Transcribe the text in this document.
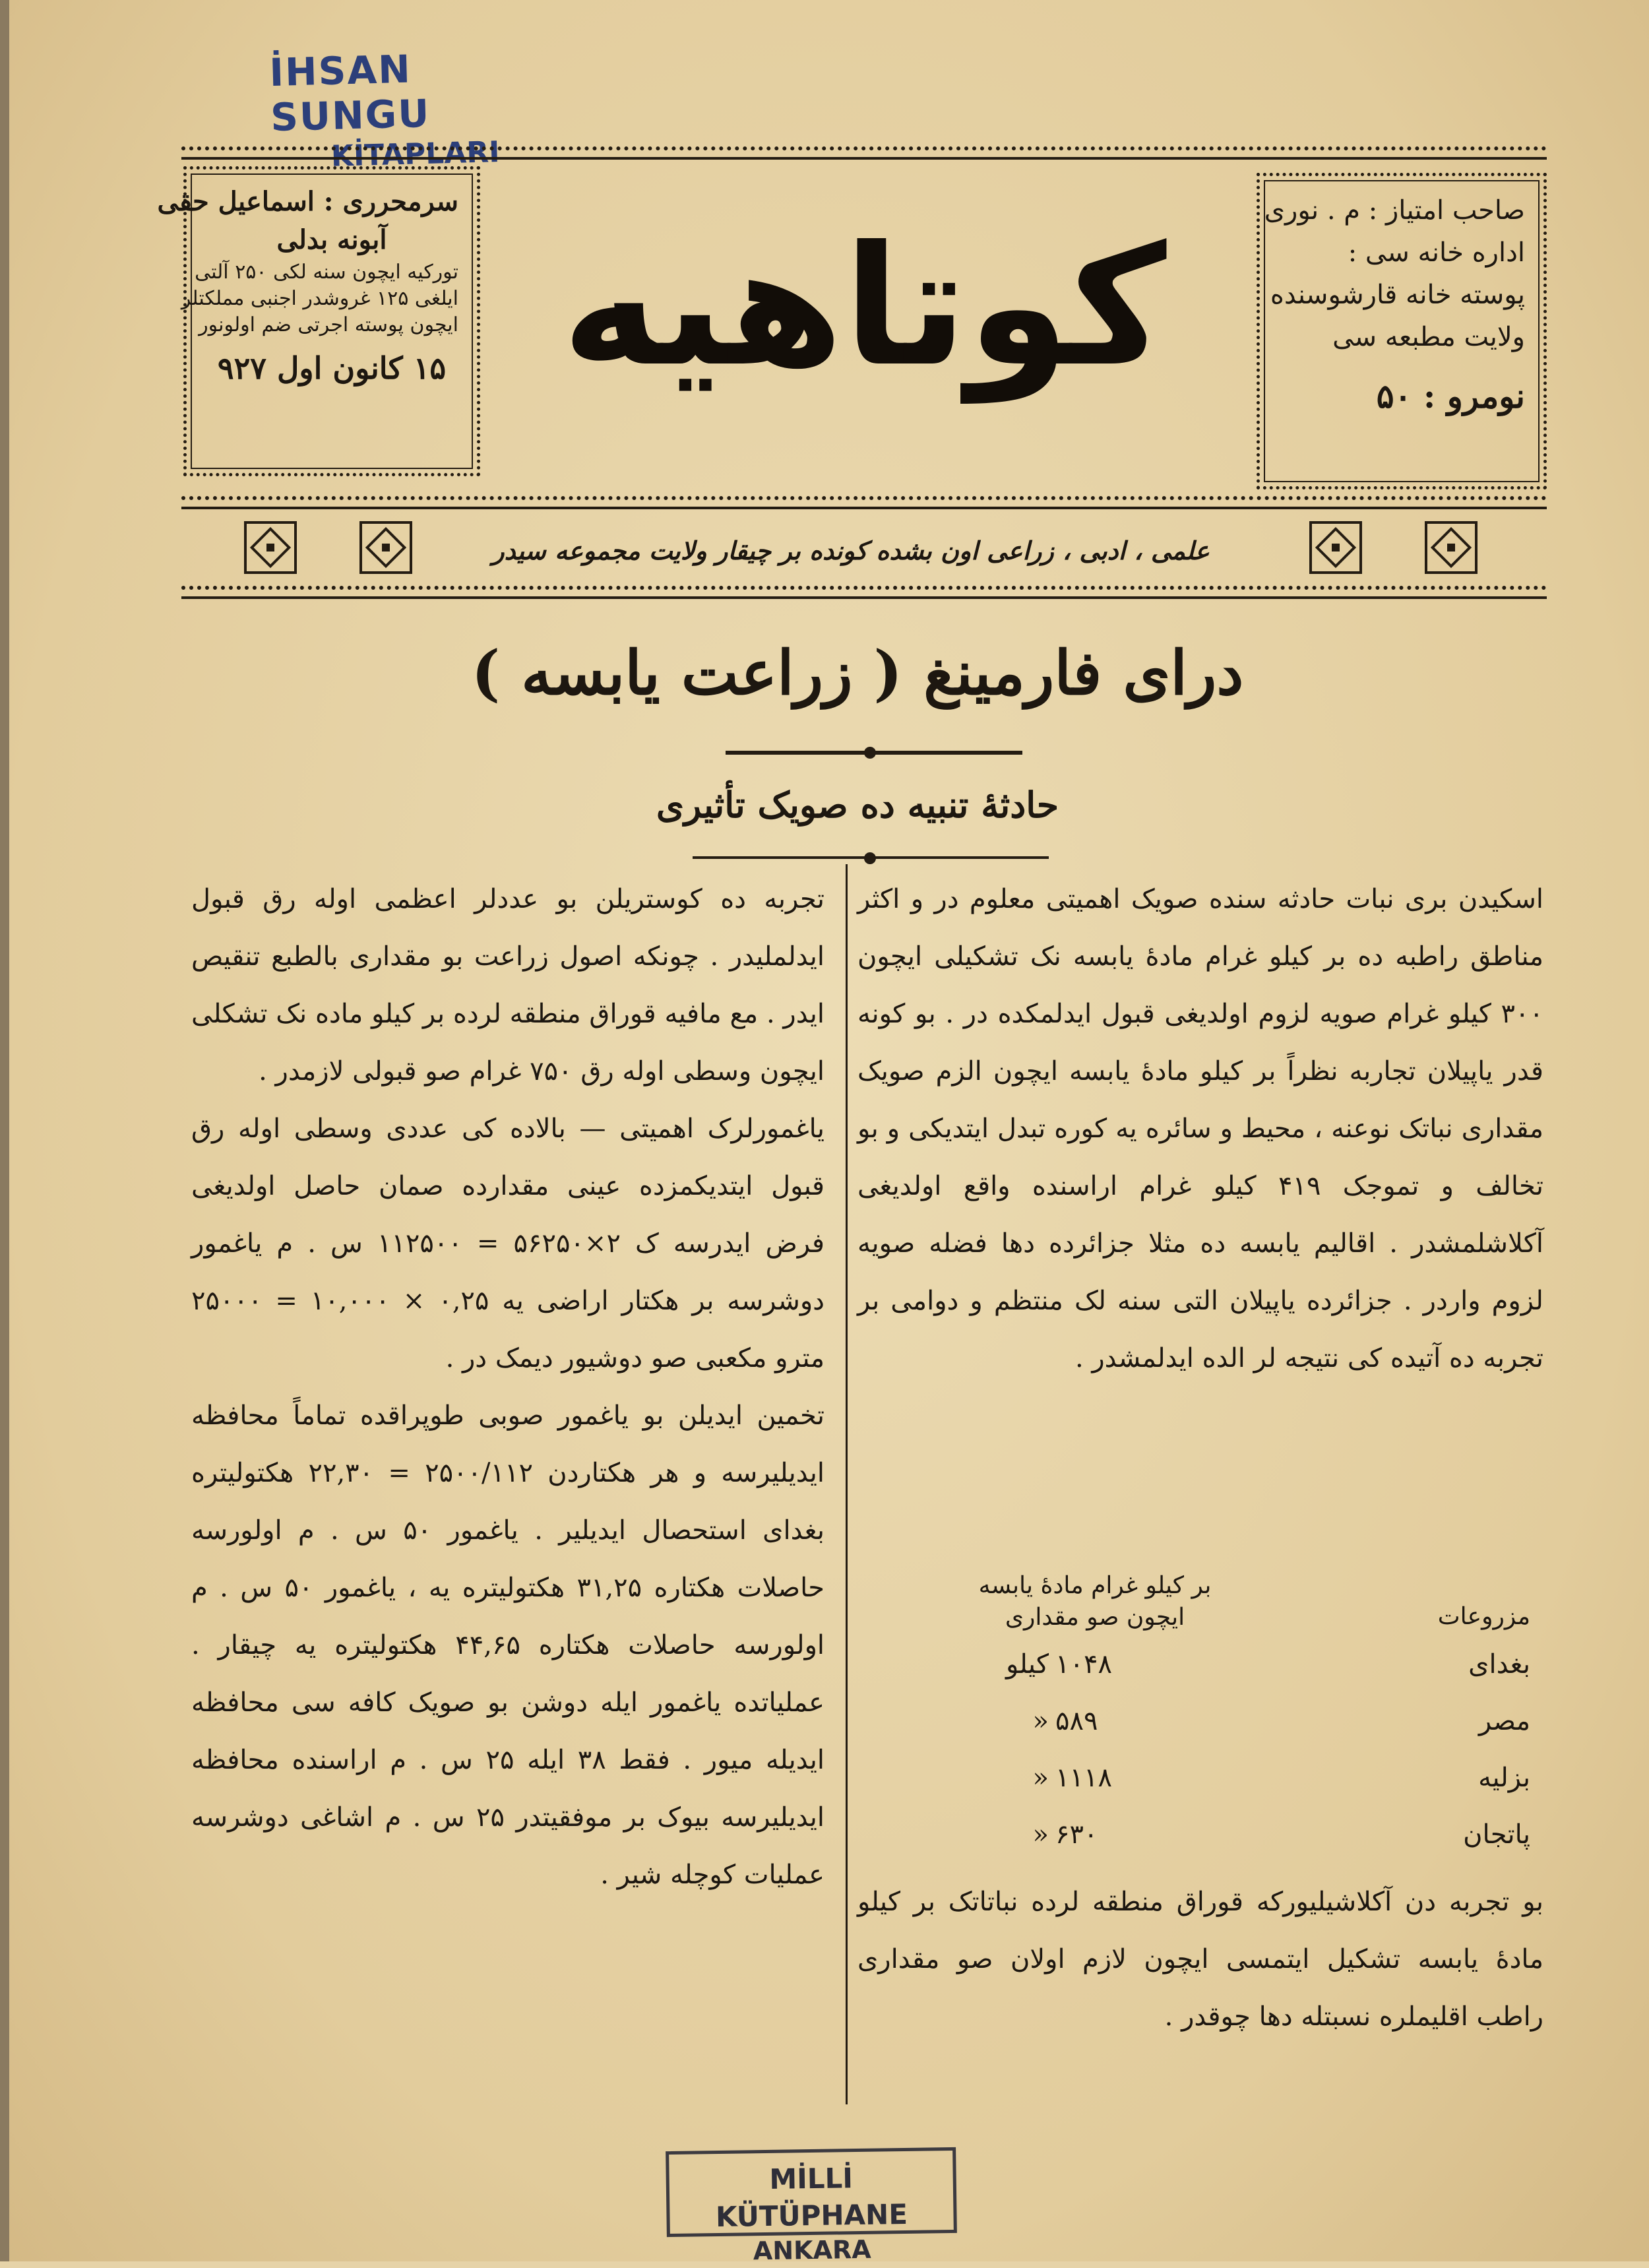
İHSAN SUNGU
KİTAPLARI
سرمحرری : اسماعیل حقی
آبونه بدلی
تورکیه ایچون سنه لکی ۲۵۰ آلتی
ایلغی ۱۲۵ غروشدر اجنبی مملکتلر
ایچون پوسته اجرتی ضم اولونور
۱۵ کانون اول ۹۲۷ کوتاهیه	صاحب امتیاز : م . نوری
اداره خانه سی :
پوسته خانه قارشوسنده
ولایت مطبعه سی
نومرو : ۵۰
علمی ، ادبی ، زراعی اون بشده کونده بر چیقار ولایت مجموعه سیدر
درای فارمینغ ( زراعت یابسه )
حادثهٔ تنبیه ده صویک تأثیری

اسکیدن بری نبات حادثه سنده صویک اهمیتی معلوم در و اکثر مناطق راطبه ده بر کیلو غرام مادهٔ یابسه نک تشکیلی ایچون ۳۰۰ کیلو غرام صویه لزوم اولدیغی قبول ایدلمکده در . بو کونه قدر یاپیلان تجاربه نظراً بر کیلو مادهٔ یابسه ایچون الزم صویک مقداری نباتک نوعنه ، محیط و سائره یه کوره تبدل ایتدیکی و بو تخالف و تموجک ۴۱۹ کیلو غرام اراسنده واقع اولدیغی آکلاشلمشدر . اقالیم یابسه ده مثلا جزائرده دها فضله صویه لزوم واردر . جزائرده یاپیلان التی سنه لک منتظم و دوامی بر تجربه ده آتیده کی نتیجه لر الده ایدلمشدر .

مزروعات
بر کیلو غرام مادهٔ یابسه ایچون صو مقداری
بغدای
۱۰۴۸
کیلو
مصر
۵۸۹
«
بزلیه
۱۱۱۸
«
پاتجان
۶۳۰
«

بو تجربه دن آکلاشیلیورکه قوراق منطقه لرده نباتاتک بر کیلو مادهٔ یابسه تشکیل ایتمسی ایچون لازم اولان صو مقداری راطب اقلیملره نسبتله دها چوقدر .

تجربه ده کوستریلن بو عددلر اعظمی اوله رق قبول ایدلملیدر . چونکه اصول زراعت بو مقداری بالطبع تنقیص ایدر . مع مافیه قوراق منطقه لرده بر کیلو ماده نک تشکلی ایچون وسطی اوله رق ۷۵۰ غرام صو قبولی لازمدر .

یاغمورلرک اهمیتی — بالاده کی عددی وسطی اوله رق قبول ایتدیکمزده عینی مقدارده صمان حاصل اولدیغی فرض ایدرسه ک ۲×۵۶۲۵۰ = ۱۱۲۵۰۰ س . م یاغمور دوشرسه بر هکتار اراضی یه ۰,۲۵ × ۱۰,۰۰۰ = ۲۵۰۰۰ مترو مکعبی صو دوشیور دیمک در .

تخمین ایدیلن بو یاغمور صوبی طوپراقده تماماً محافظه ایدیلیرسه و هر هکتاردن ۲۵۰۰/۱۱۲ = ۲۲,۳۰ هکتولیتره بغدای استحصال ایدیلیر . یاغمور ۵۰ س . م اولورسه حاصلات هکتاره ۳۱,۲۵ هکتولیتره یه ، یاغمور ۵۰ س . م اولورسه حاصلات هکتاره ۴۴,۶۵ هکتولیتره یه چیقار . عملیاتده یاغمور ایله دوشن بو صویک کافه سی محافظه ایدیله میور . فقط ۳۸ ایله ۲۵ س . م اراسنده محافظه ایدیلیرسه بیوک بر موفقیتدر ۲۵ س . م اشاغی دوشرسه عملیات کوچله شیر .

MİLLİ KÜTÜPHANE
ANKARA
